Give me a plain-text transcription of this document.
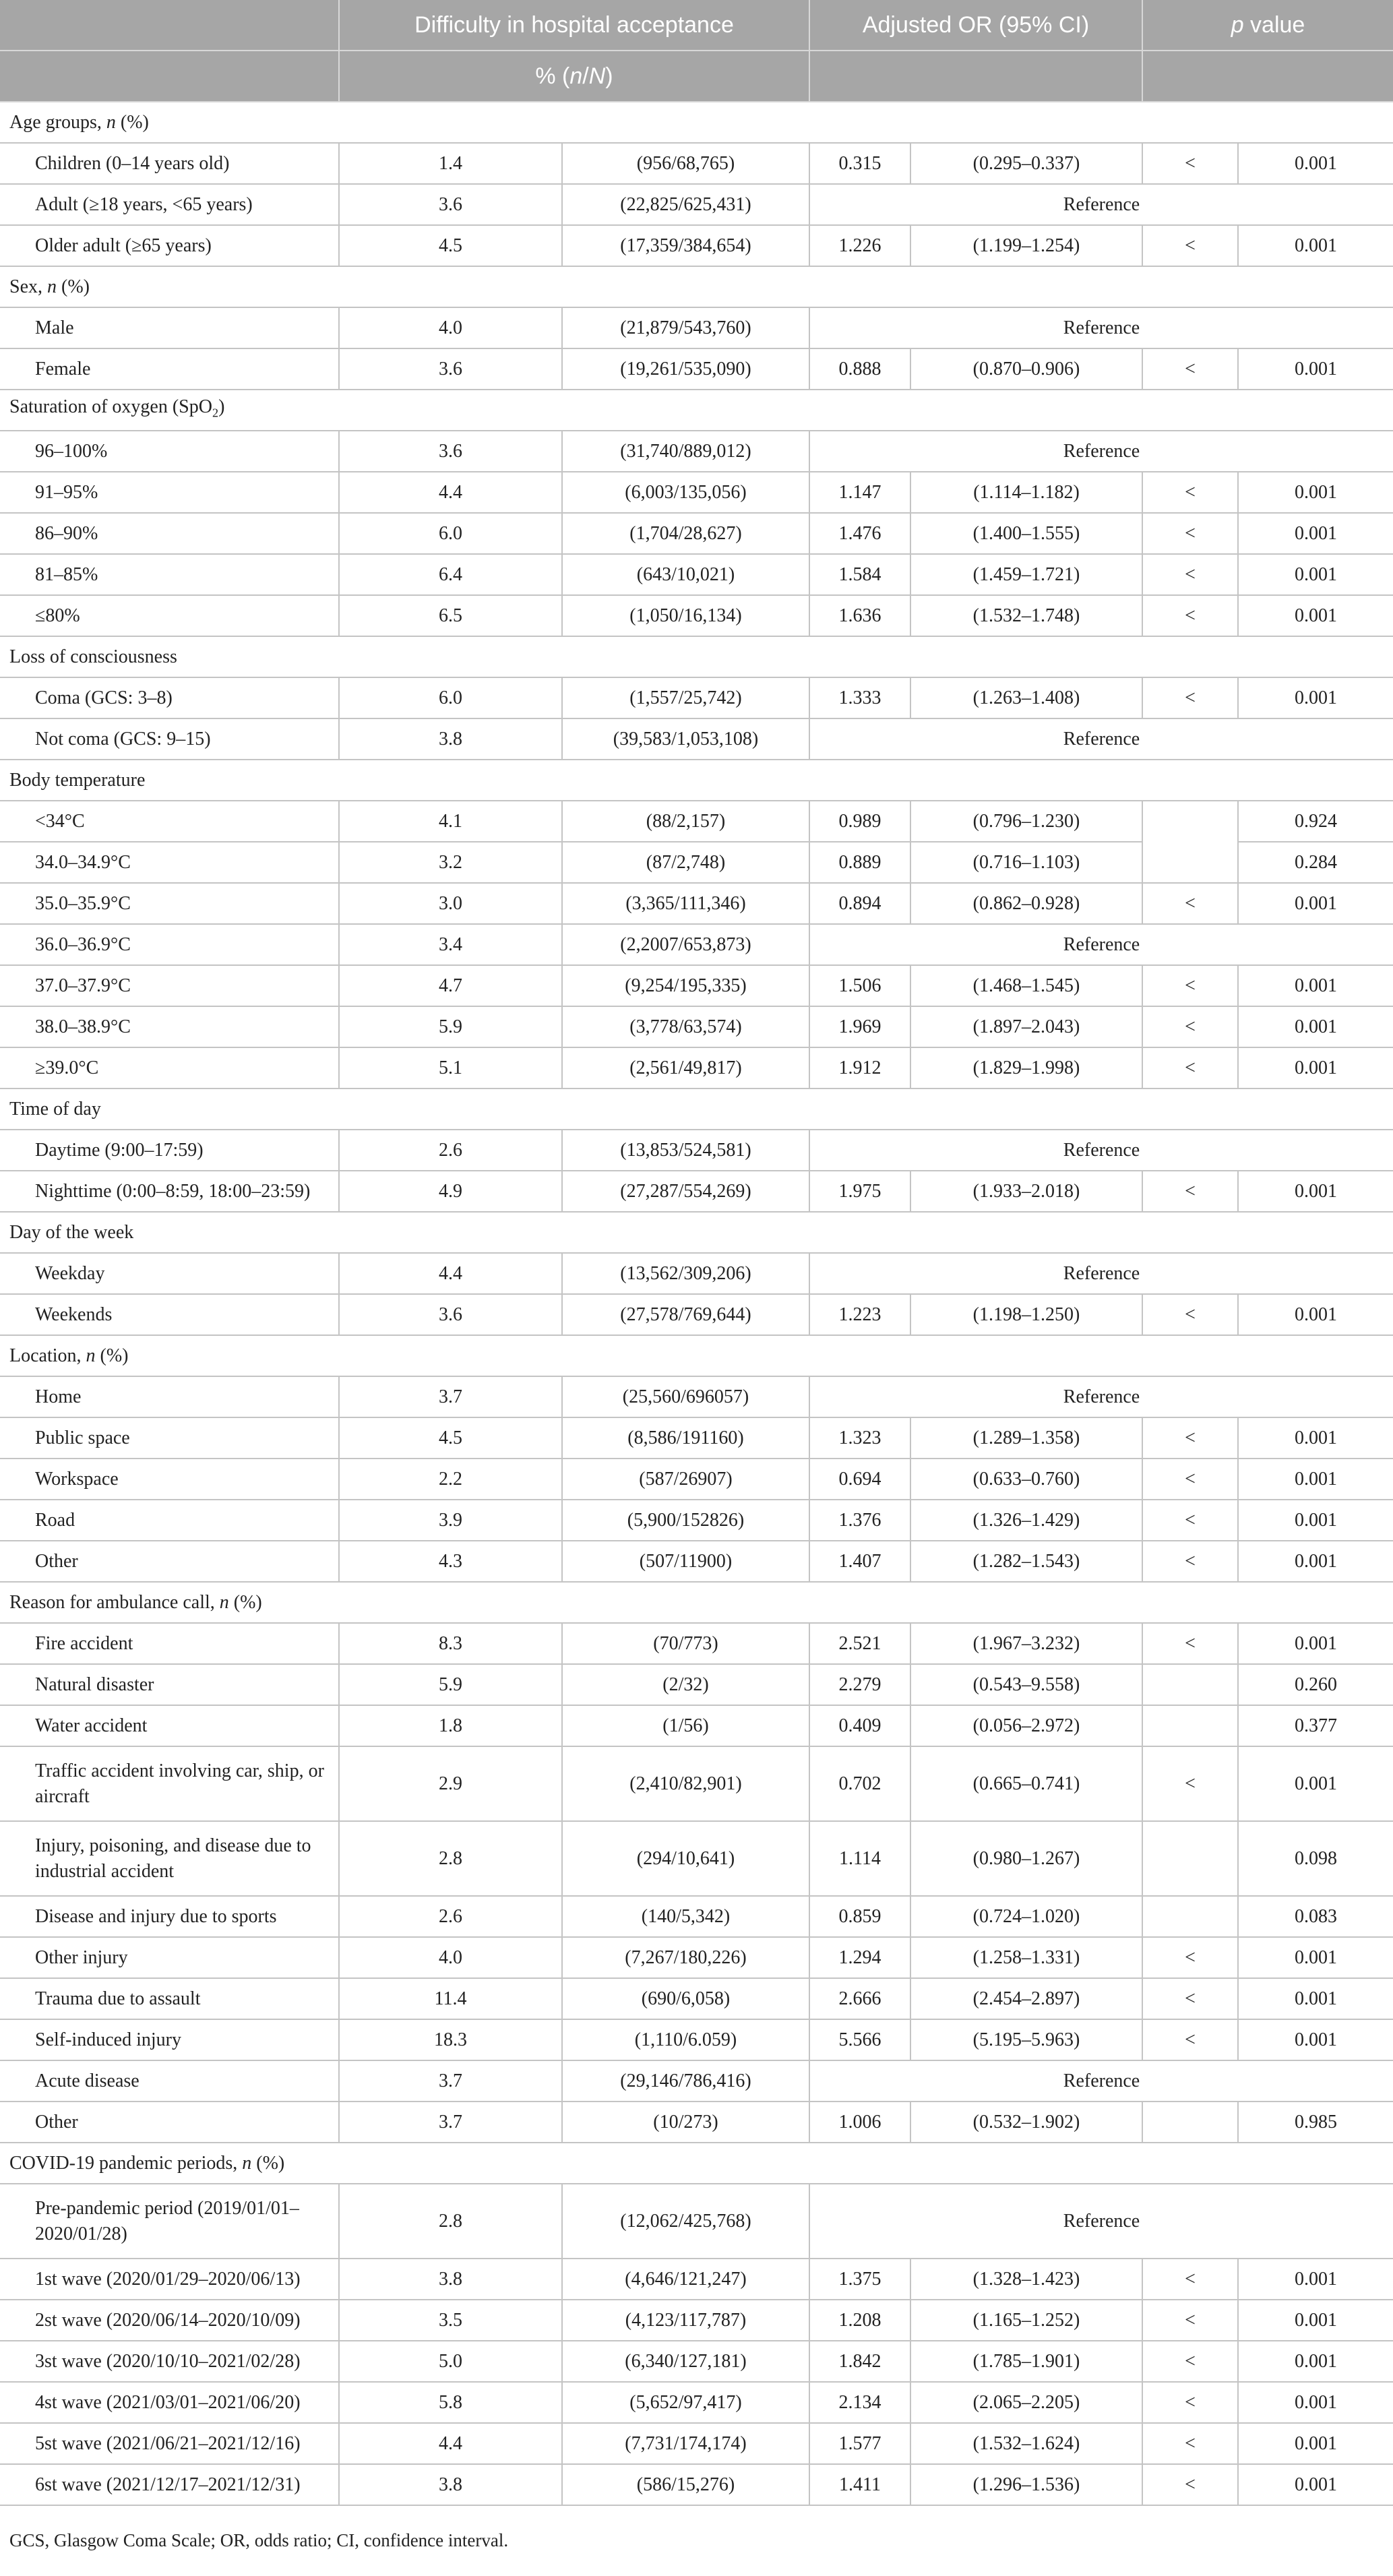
	Difficulty in hospital acceptance		Adjusted OR (95% CI)		p value	
	% (n/N)					
Age groups, n (%)						
Children (0–14 years old)	1.4	(956/68,765)	0.315	(0.295–0.337)	<	0.001
Adult (≥18 years, <65 years)	3.6	(22,825/625,431)	Reference			
Older adult (≥65 years)	4.5	(17,359/384,654)	1.226	(1.199–1.254)	<	0.001
Sex, n (%)						
Male	4.0	(21,879/543,760)	Reference			
Female	3.6	(19,261/535,090)	0.888	(0.870–0.906)	<	0.001
Saturation of oxygen (SpO$_2$)						
96–100%	3.6	(31,740/889,012)	Reference			
91–95%	4.4	(6,003/135,056)	1.147	(1.114–1.182)	<	0.001
86–90%	6.0	(1,704/28,627)	1.476	(1.400–1.555)	<	0.001
81–85%	6.4	(643/10,021)	1.584	(1.459–1.721)	<	0.001
≤80%	6.5	(1,050/16,134)	1.636	(1.532–1.748)	<	0.001
Loss of consciousness						
Coma (GCS: 3–8)	6.0	(1,557/25,742)	1.333	(1.263–1.408)	<	0.001
Not coma (GCS: 9–15)	3.8	(39,583/1,053,108)	Reference			
Body temperature						
<34°C	4.1	(88/2,157)	0.989	(0.796–1.230)		0.924
34.0–34.9°C	3.2	(87/2,748)	0.889	(0.716–1.103)		0.284
35.0–35.9°C	3.0	(3,365/111,346)	0.894	(0.862–0.928)	<	0.001
36.0–36.9°C	3.4	(2,2007/653,873)	Reference			
37.0–37.9°C	4.7	(9,254/195,335)	1.506	(1.468–1.545)	<	0.001
38.0–38.9°C	5.9	(3,778/63,574)	1.969	(1.897–2.043)	<	0.001
≥39.0°C	5.1	(2,561/49,817)	1.912	(1.829–1.998)	<	0.001
Time of day						
Daytime (9:00–17:59)	2.6	(13,853/524,581)	Reference			
Nighttime (0:00–8:59, 18:00–23:59)	4.9	(27,287/554,269)	1.975	(1.933–2.018)	<	0.001
Day of the week						
Weekday	4.4	(13,562/309,206)	Reference			
Weekends	3.6	(27,578/769,644)	1.223	(1.198–1.250)	<	0.001
Location, n (%)						
Home	3.7	(25,560/696057)	Reference			
Public space	4.5	(8,586/191160)	1.323	(1.289–1.358)	<	0.001
Workspace	2.2	(587/26907)	0.694	(0.633–0.760)	<	0.001
Road	3.9	(5,900/152826)	1.376	(1.326–1.429)	<	0.001
Other	4.3	(507/11900)	1.407	(1.282–1.543)	<	0.001
Reason for ambulance call, n (%)						
Fire accident	8.3	(70/773)	2.521	(1.967–3.232)	<	0.001
Natural disaster	5.9	(2/32)	2.279	(0.543–9.558)		0.260
Water accident	1.8	(1/56)	0.409	(0.056–2.972)		0.377
Traffic accident involving car, ship, or aircraft	2.9	(2,410/82,901)	0.702	(0.665–0.741)	<	0.001
Injury, poisoning, and disease due to industrial accident	2.8	(294/10,641)	1.114	(0.980–1.267)		0.098
Disease and injury due to sports	2.6	(140/5,342)	0.859	(0.724–1.020)		0.083
Other injury	4.0	(7,267/180,226)	1.294	(1.258–1.331)	<	0.001
Trauma due to assault	11.4	(690/6,058)	2.666	(2.454–2.897)	<	0.001
Self-induced injury	18.3	(1,110/6.059)	5.566	(5.195–5.963)	<	0.001
Acute disease	3.7	(29,146/786,416)	Reference			
Other	3.7	(10/273)	1.006	(0.532–1.902)		0.985
COVID-19 pandemic periods, n (%)						
Pre-pandemic period (2019/01/01–2020/01/28)	2.8	(12,062/425,768)	Reference			
1st wave (2020/01/29–2020/06/13)	3.8	(4,646/121,247)	1.375	(1.328–1.423)	<	0.001
2st wave (2020/06/14–2020/10/09)	3.5	(4,123/117,787)	1.208	(1.165–1.252)	<	0.001
3st wave (2020/10/10–2021/02/28)	5.0	(6,340/127,181)	1.842	(1.785–1.901)	<	0.001
4st wave (2021/03/01–2021/06/20)	5.8	(5,652/97,417)	2.134	(2.065–2.205)	<	0.001
5st wave (2021/06/21–2021/12/16)	4.4	(7,731/174,174)	1.577	(1.532–1.624)	<	0.001
6st wave (2021/12/17–2021/12/31)	3.8	(586/15,276)	1.411	(1.296–1.536)	<	0.001
GCS, Glasgow Coma Scale; OR, odds ratio; CI, confidence interval.
